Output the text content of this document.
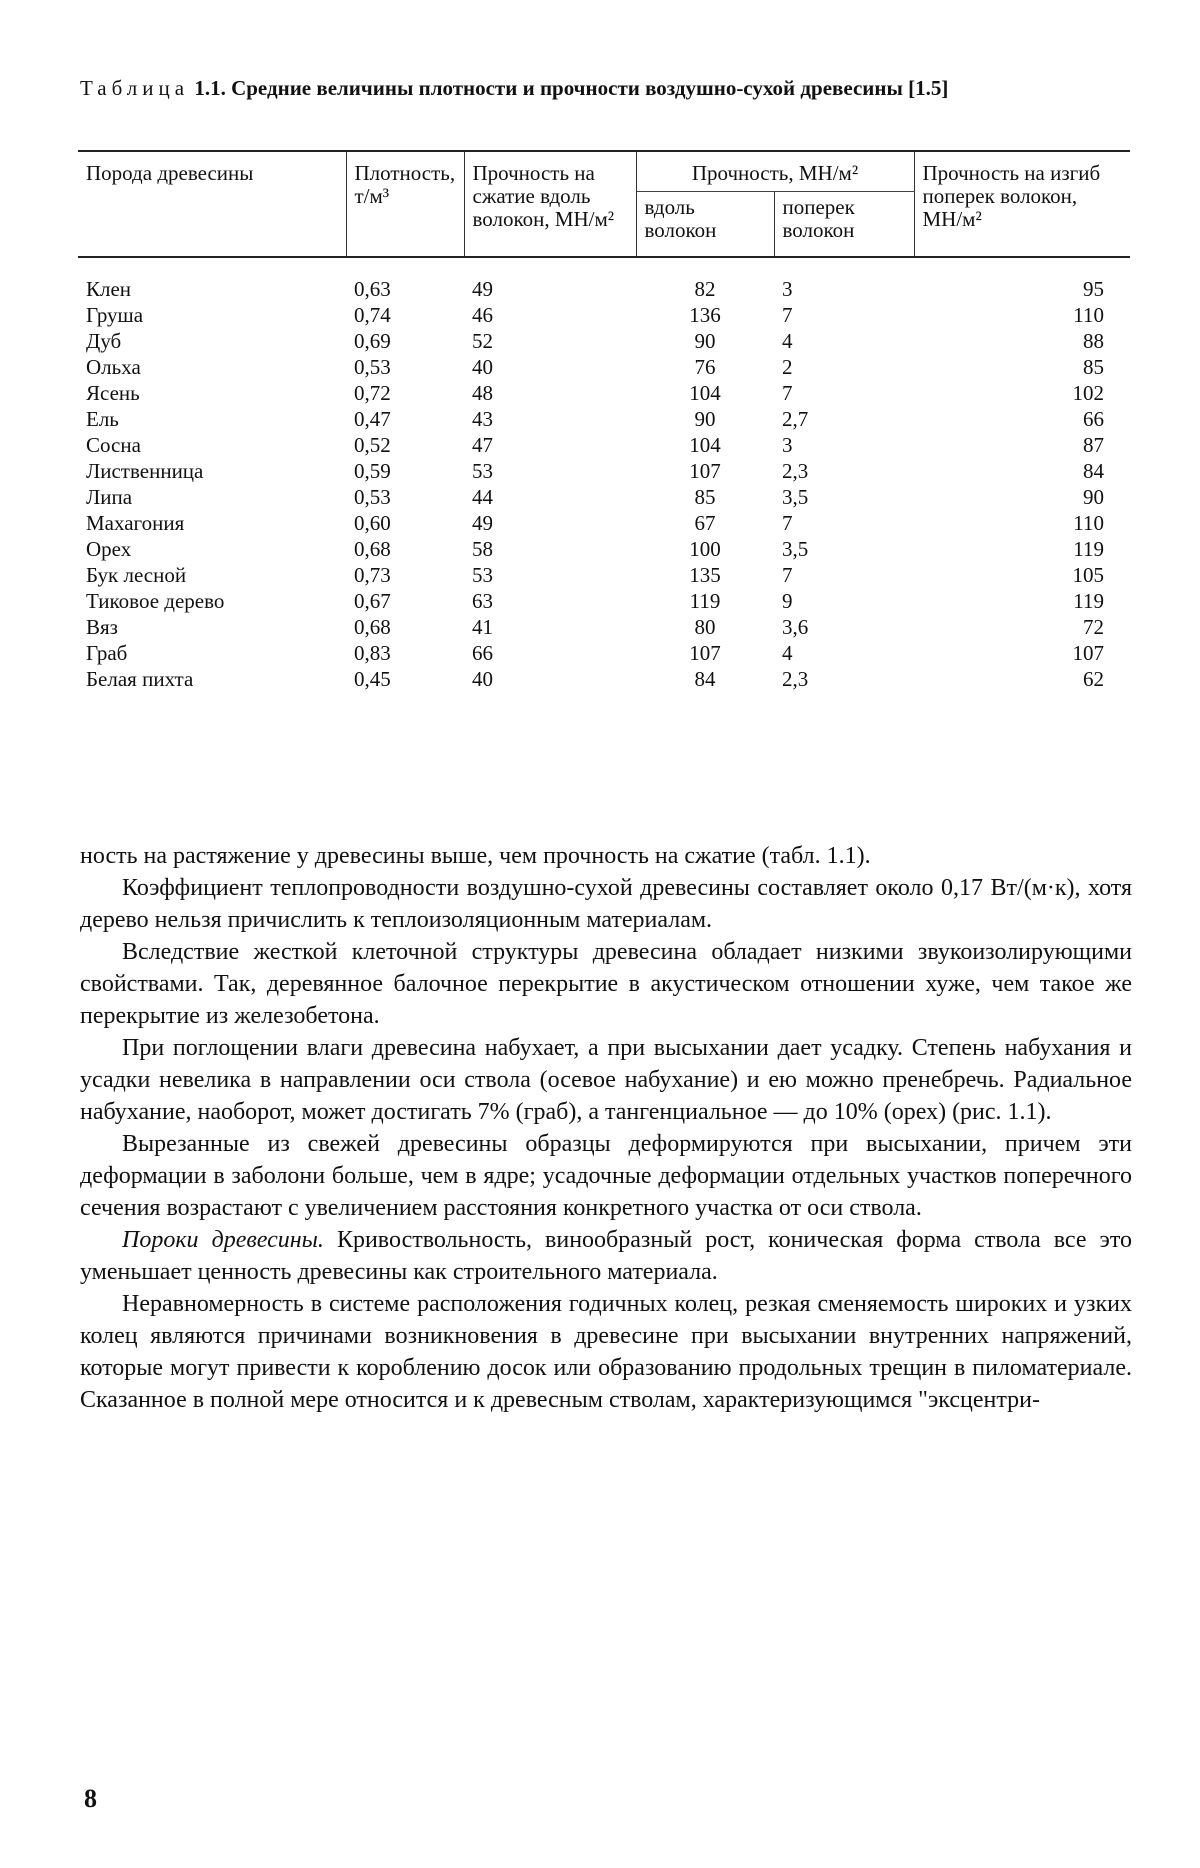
Таблица 1.1. Средние величины плотности и прочности воздушно-сухой древесины [1.5]
Порода древесины	Плотность, т/м³	Прочность на сжатие вдоль волокон, МН/м²	Прочность, МН/м²		Прочность на изгиб поперек волокон, МН/м²
			вдоль волокон	поперек волокон	
Клен	0,63	49	82	3	95
Груша	0,74	46	136	7	110
Дуб	0,69	52	90	4	88
Ольха	0,53	40	76	2	85
Ясень	0,72	48	104	7	102
Ель	0,47	43	90	2,7	66
Сосна	0,52	47	104	3	87
Лиственница	0,59	53	107	2,3	84
Липа	0,53	44	85	3,5	90
Махагония	0,60	49	67	7	110
Орех	0,68	58	100	3,5	119
Бук лесной	0,73	53	135	7	105
Тиковое дерево	0,67	63	119	9	119
Вяз	0,68	41	80	3,6	72
Граб	0,83	66	107	4	107
Белая пихта	0,45	40	84	2,3	62

ность на растяжение у древесины выше, чем прочность на сжатие (табл. 1.1).

Коэффициент теплопроводности воздушно-сухой древесины составляет около 0,17 Вт/(м·к), хотя дерево нельзя причислить к теплоизоляционным материалам.

Вследствие жесткой клеточной структуры древесина обладает низкими звукоизолирующими свойствами. Так, деревянное балочное перекрытие в акустическом отношении хуже, чем такое же перекрытие из железобетона.

При поглощении влаги древесина набухает, а при высыхании дает усадку. Степень набухания и усадки невелика в направлении оси ствола (осевое набухание) и ею можно пренебречь. Радиальное набухание, наоборот, может достигать 7% (граб), а тангенциальное — до 10% (орех) (рис. 1.1).

Вырезанные из свежей древесины образцы деформируются при высыхании, причем эти деформации в заболони больше, чем в ядре; усадочные деформации отдельных участков поперечного сечения возрастают с увеличением расстояния конкретного участка от оси ствола.

Пороки древесины. Кривоствольность, винообразный рост, коническая форма ствола все это уменьшает ценность древесины как строительного материала.

Неравномерность в системе расположения годичных колец, резкая сменяемость широких и узких колец являются причинами возникновения в древесине при высыхании внутренних напряжений, которые могут привести к короблению досок или образованию продольных трещин в пиломатериале. Сказанное в полной мере относится и к древесным стволам, характеризующимся "эксцентри-

8
